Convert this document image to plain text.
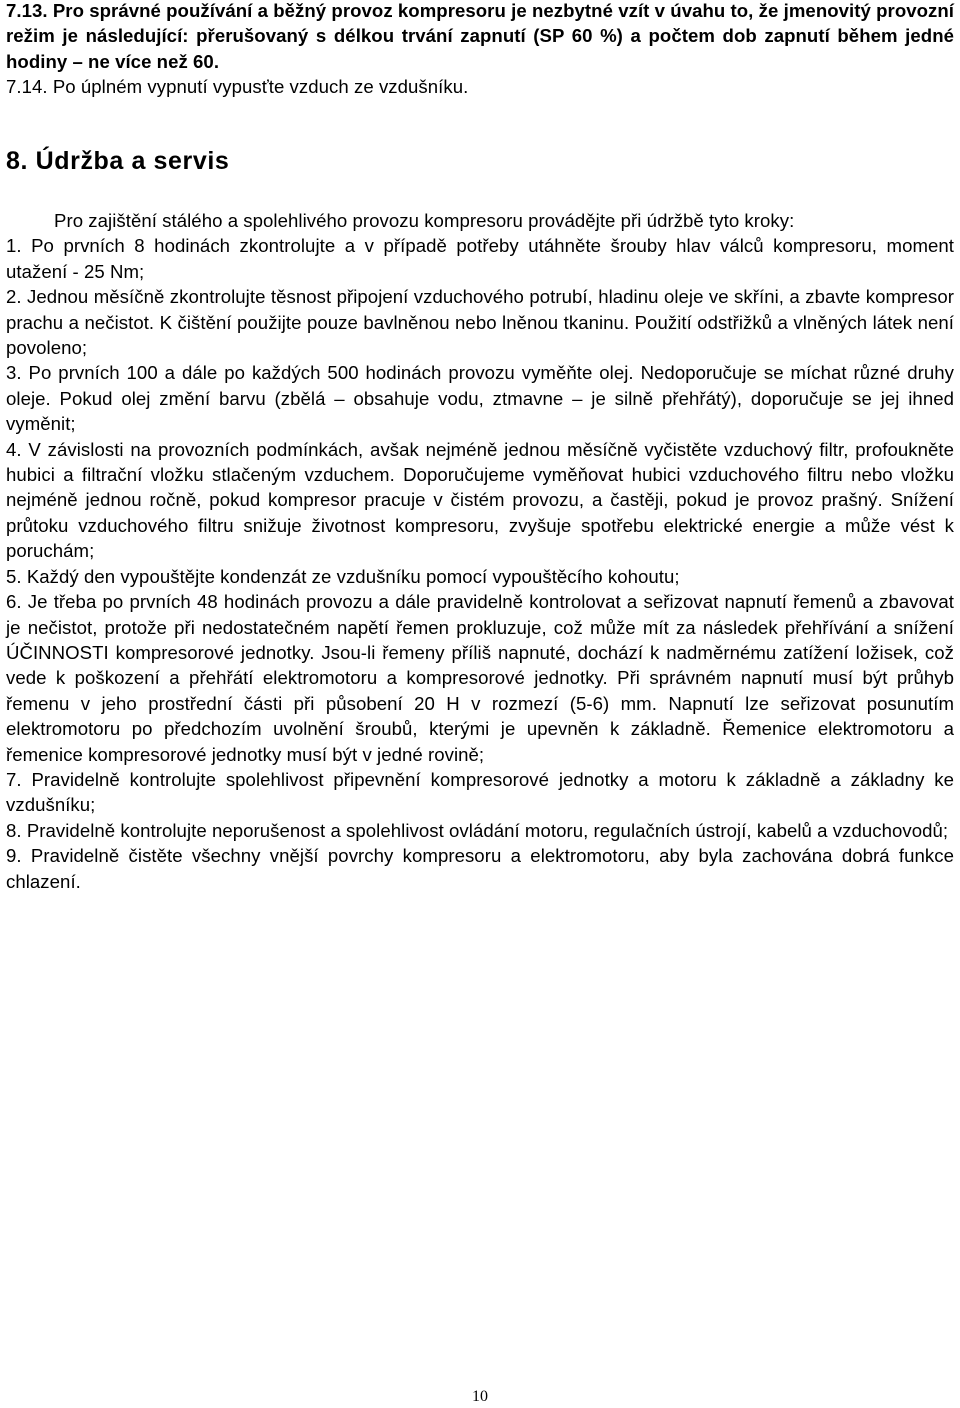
7.13. Pro správné používání a běžný provoz kompresoru je nezbytné vzít v úvahu to, že jmenovitý provozní režim je následující: přerušovaný s délkou trvání zapnutí (SP 60 %) a počtem dob zapnutí během jedné hodiny – ne více než 60.

7.14. Po úplném vypnutí vypusťte vzduch ze vzdušníku.

8. Údržba a servis

Pro zajištění stálého a spolehlivého provozu kompresoru provádějte při údržbě tyto kroky:

1. Po prvních 8 hodinách zkontrolujte a v případě potřeby utáhněte šrouby hlav válců kompresoru, moment utažení - 25 Nm;

2. Jednou měsíčně zkontrolujte těsnost připojení vzduchového potrubí, hladinu oleje ve skříni, a zbavte kompresor prachu a nečistot. K čištění použijte pouze bavlněnou nebo lněnou tkaninu. Použití odstřižků a vlněných látek není povoleno;

3. Po prvních 100 a dále po každých 500 hodinách provozu vyměňte olej. Nedoporučuje se míchat různé druhy oleje. Pokud olej změní barvu (zbělá – obsahuje vodu, ztmavne – je silně přehřátý), doporučuje se jej ihned vyměnit;

4. V závislosti na provozních podmínkách, avšak nejméně jednou měsíčně vyčistěte vzduchový filtr, profoukněte hubici a filtrační vložku stlačeným vzduchem. Doporučujeme vyměňovat hubici vzduchového filtru nebo vložku nejméně jednou ročně, pokud kompresor pracuje v čistém provozu, a častěji, pokud je provoz prašný. Snížení průtoku vzduchového filtru snižuje životnost kompresoru, zvyšuje spotřebu elektrické energie a může vést k poruchám;

5. Každý den vypouštějte kondenzát ze vzdušníku pomocí vypouštěcího kohoutu;

6. Je třeba po prvních 48 hodinách provozu a dále pravidelně kontrolovat a seřizovat napnutí řemenů a zbavovat je nečistot, protože při nedostatečném napětí řemen prokluzuje, což může mít za následek přehřívání a snížení ÚČINNOSTI kompresorové jednotky. Jsou-li řemeny příliš napnuté, dochází k nadměrnému zatížení ložisek, což vede k poškození a přehřátí elektromotoru a kompresorové jednotky. Při správném napnutí musí být průhyb řemenu v jeho prostřední části při působení 20 H v rozmezí (5-6) mm. Napnutí lze seřizovat posunutím elektromotoru po předchozím uvolnění šroubů, kterými je upevněn k základně. Řemenice elektromotoru a řemenice kompresorové jednotky musí být v jedné rovině;

7. Pravidelně kontrolujte spolehlivost připevnění kompresorové jednotky a motoru k základně a základny ke vzdušníku;

8. Pravidelně kontrolujte neporušenost a spolehlivost ovládání motoru, regulačních ústrojí, kabelů a vzduchovodů;

9. Pravidelně čistěte všechny vnější povrchy kompresoru a elektromotoru, aby byla zachována dobrá funkce chlazení.

10
